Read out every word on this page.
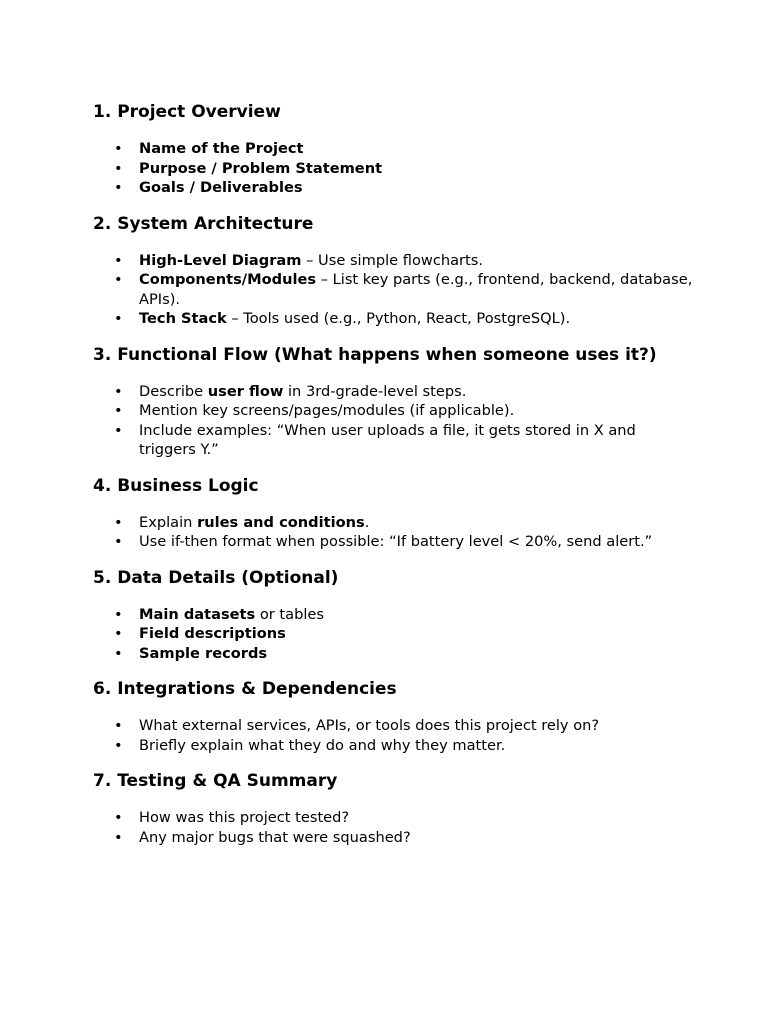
1. Project Overview
• Name of the Project
• Purpose / Problem Statement
• Goals / Deliverables
2. System Architecture
• High-Level Diagram – Use simple flowcharts.
• Components/Modules – List key parts (e.g., frontend, backend, database, APIs).
• Tech Stack – Tools used (e.g., Python, React, PostgreSQL).
3. Functional Flow (What happens when someone uses it?)
• Describe user flow in 3rd-grade-level steps.
• Mention key screens/pages/modules (if applicable).
• Include examples: “When user uploads a file, it gets stored in X and triggers Y.”
4. Business Logic
• Explain rules and conditions.
• Use if-then format when possible: “If battery level < 20%, send alert.”
5. Data Details (Optional)
• Main datasets or tables
• Field descriptions
• Sample records
6. Integrations & Dependencies
• What external services, APIs, or tools does this project rely on?
• Briefly explain what they do and why they matter.
7. Testing & QA Summary
• How was this project tested?
• Any major bugs that were squashed?
